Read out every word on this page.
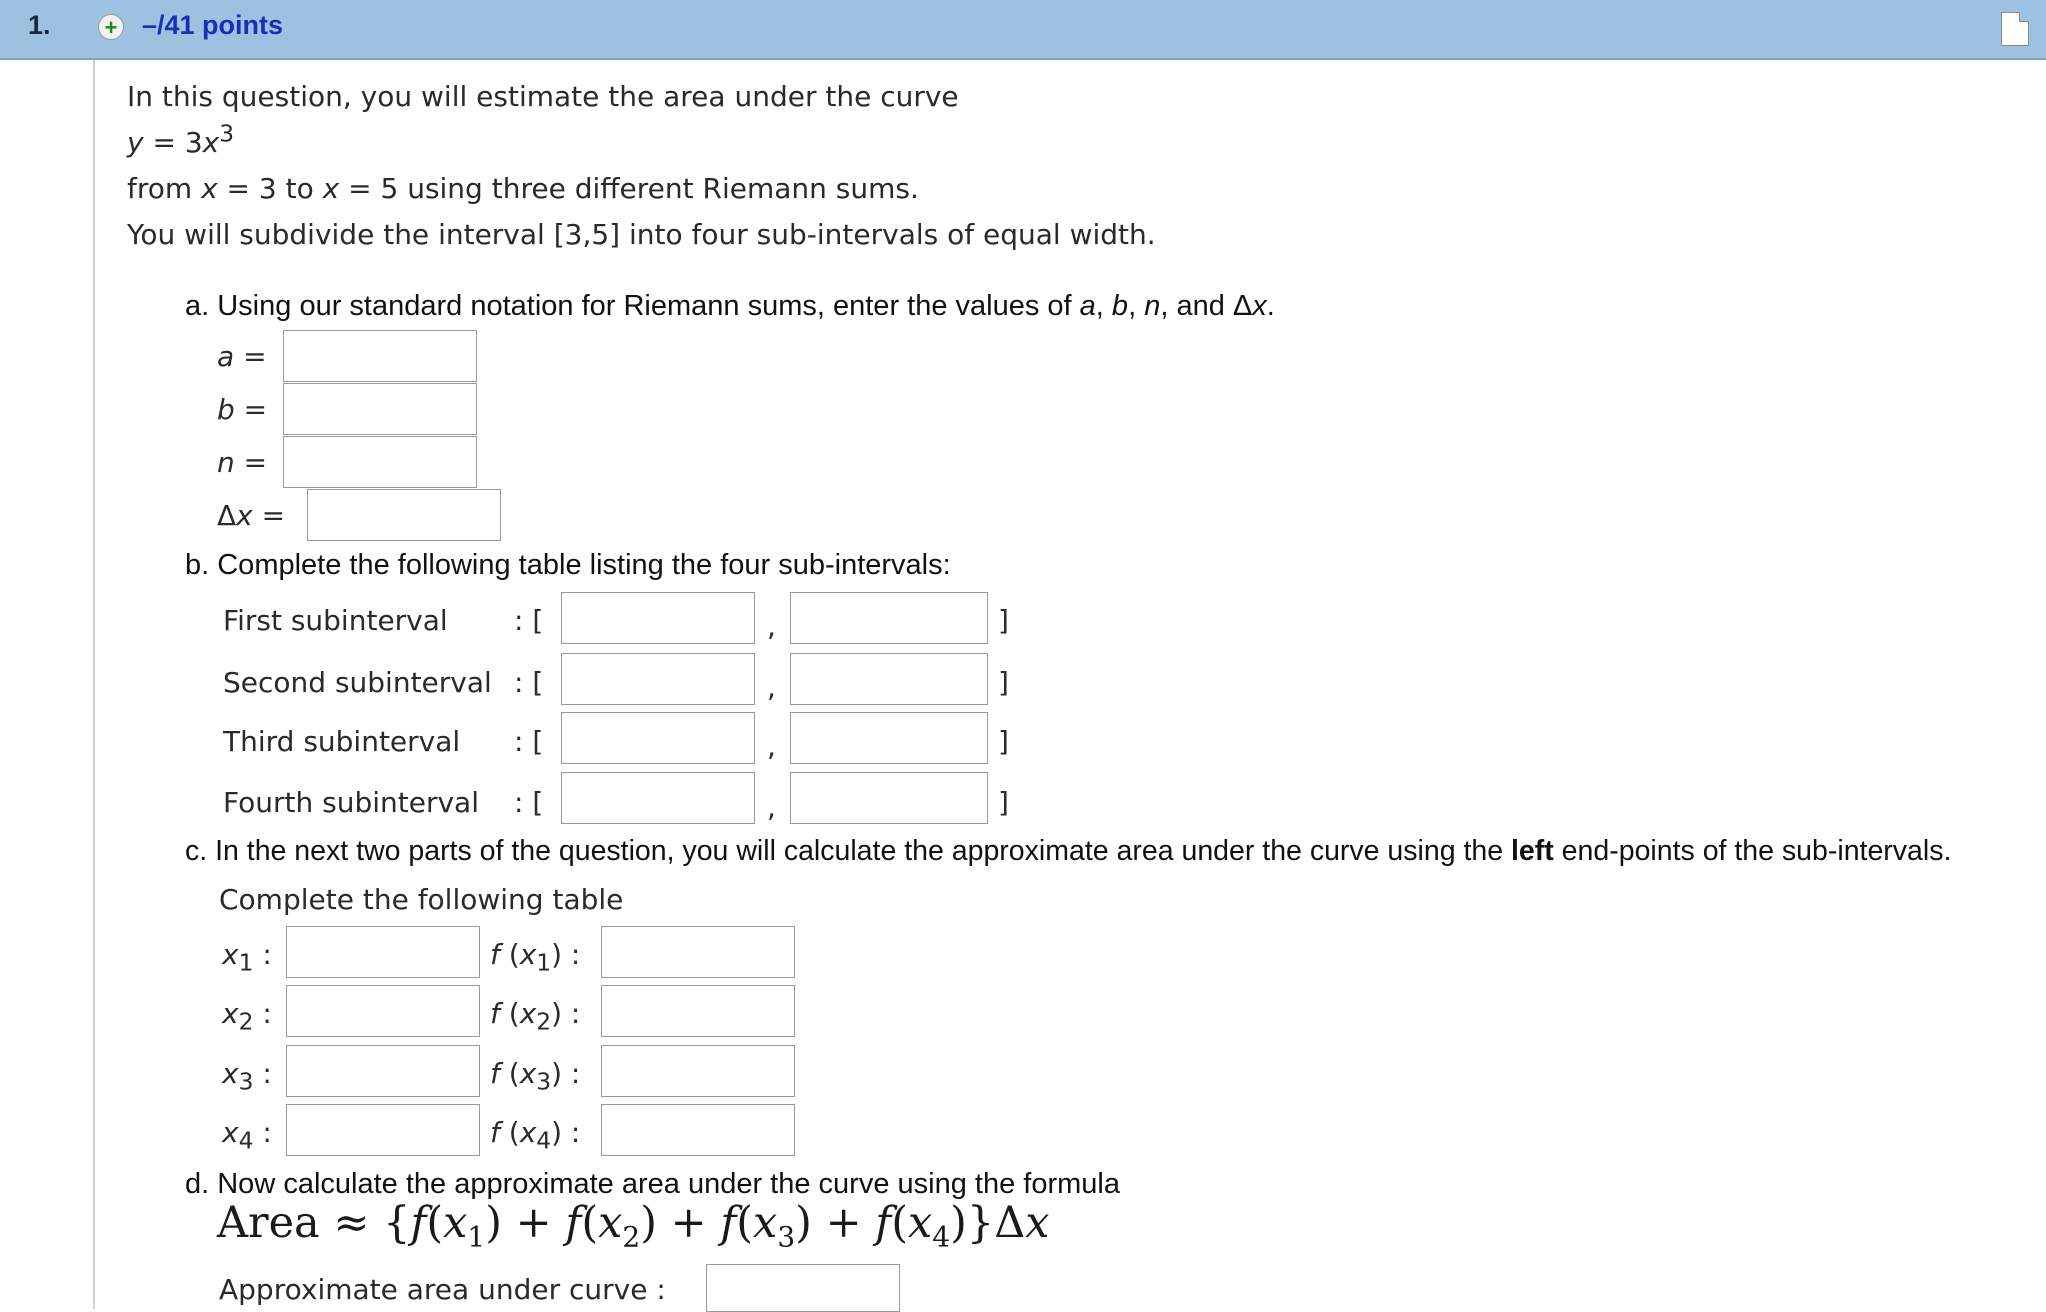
1. + –/41 points
In this question, you will estimate the area under the curve
$y = 3x^3$
from x = 3 to x = 5 using three different Riemann sums.
You will subdivide the interval [3,5] into four sub-intervals of equal width.
a. Using our standard notation for Riemann sums, enter the values of a, b, n, and Δx.
a =
b =
n =
Δx =
b. Complete the following table listing the four sub-intervals:
First subinterval : [	,	]
Second subinterval : [	,	]
Third subinterval : [	,	]
Fourth subinterval : [	,	]
c. In the next two parts of the question, you will calculate the approximate area under the curve using the left end-points of the sub-intervals.
Complete the following table
$x_1$ :	f $(x_1)$ :
$x_2$ :	f $(x_2)$ :
$x_3$ :	f $(x_3)$ :
$x_4$ :	f $(x_4)$ :
d. Now calculate the approximate area under the curve using the formula
Area ≈ $\{f(x_1) + f(x_2) + f(x_3) + f(x_4)\}\Delta x$
Approximate area under curve :
